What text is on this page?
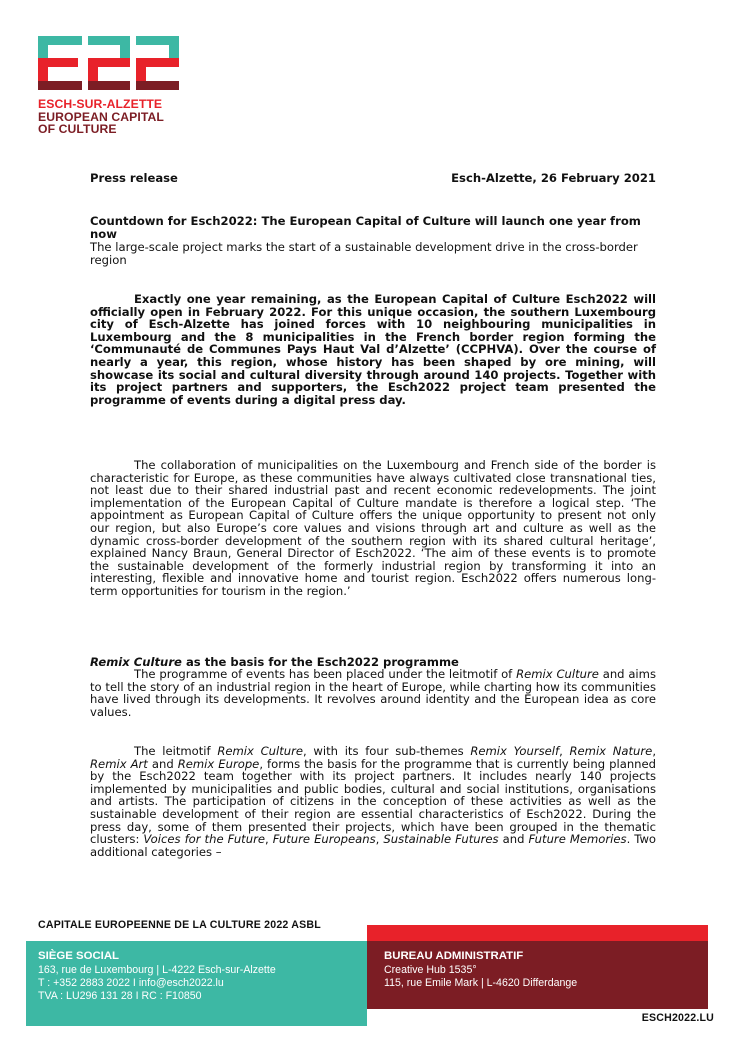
ESCH-SUR-ALZETTE
EUROPEAN CAPITAL
OF CULTURE
Press release	Esch-Alzette, 26 February 2021
Countdown for Esch2022: The European Capital of Culture will launch one year from now
The large-scale project marks the start of a sustainable development drive in the cross-border region

Exactly one year remaining, as the European Capital of Culture Esch2022 will officially open in February 2022. For this unique occasion, the southern Luxembourg city of Esch-Alzette has joined forces with 10 neighbouring municipalities in Luxembourg and the 8 municipalities in the French border region forming the ‘Communauté de Communes Pays Haut Val d’Alzette’ (CCPHVA). Over the course of nearly a year, this region, whose history has been shaped by ore mining, will showcase its social and cultural diversity through around 140 projects. Together with its project partners and supporters, the Esch2022 project team presented the programme of events during a digital press day.

The collaboration of municipalities on the Luxembourg and French side of the border is characteristic for Europe, as these communities have always cultivated close transnational ties, not least due to their shared industrial past and recent economic redevelopments. The joint implementation of the European Capital of Culture mandate is therefore a logical step. ‘The appointment as European Capital of Culture offers the unique opportunity to present not only our region, but also Europe’s core values and visions through art and culture as well as the dynamic cross-border development of the southern region with its shared cultural heritage’, explained Nancy Braun, General Director of Esch2022. ‘The aim of these events is to promote the sustainable development of the formerly industrial region by transforming it into an interesting, flexible and innovative home and tourist region. Esch2022 offers numerous long-term opportunities for tourism in the region.’

Remix Culture as the basis for the Esch2022 programme

The programme of events has been placed under the leitmotif of Remix Culture and aims to tell the story of an industrial region in the heart of Europe, while charting how its communities have lived through its developments. It revolves around identity and the European idea as core values.

The leitmotif Remix Culture, with its four sub-themes Remix Yourself, Remix Nature, Remix Art and Remix Europe, forms the basis for the programme that is currently being planned by the Esch2022 team together with its project partners. It includes nearly 140 projects implemented by municipalities and public bodies, cultural and social institutions, organisations and artists. The participation of citizens in the conception of these activities as well as the sustainable development of their region are essential characteristics of Esch2022. During the press day, some of them presented their projects, which have been grouped in the thematic clusters: Voices for the Future, Future Europeans, Sustainable Futures and Future Memories. Two additional categories –

CAPITALE EUROPEENNE DE LA CULTURE 2022 ASBL
SIÈGE SOCIAL
163, rue de Luxembourg | L-4222 Esch-sur-Alzette
T : +352 2883 2022 I info@esch2022.lu
TVA : LU296 131 28 I RC : F10850
BUREAU ADMINISTRATIF
Creative Hub 1535°
115, rue Emile Mark | L-4620 Differdange
ESCH2022.LU
